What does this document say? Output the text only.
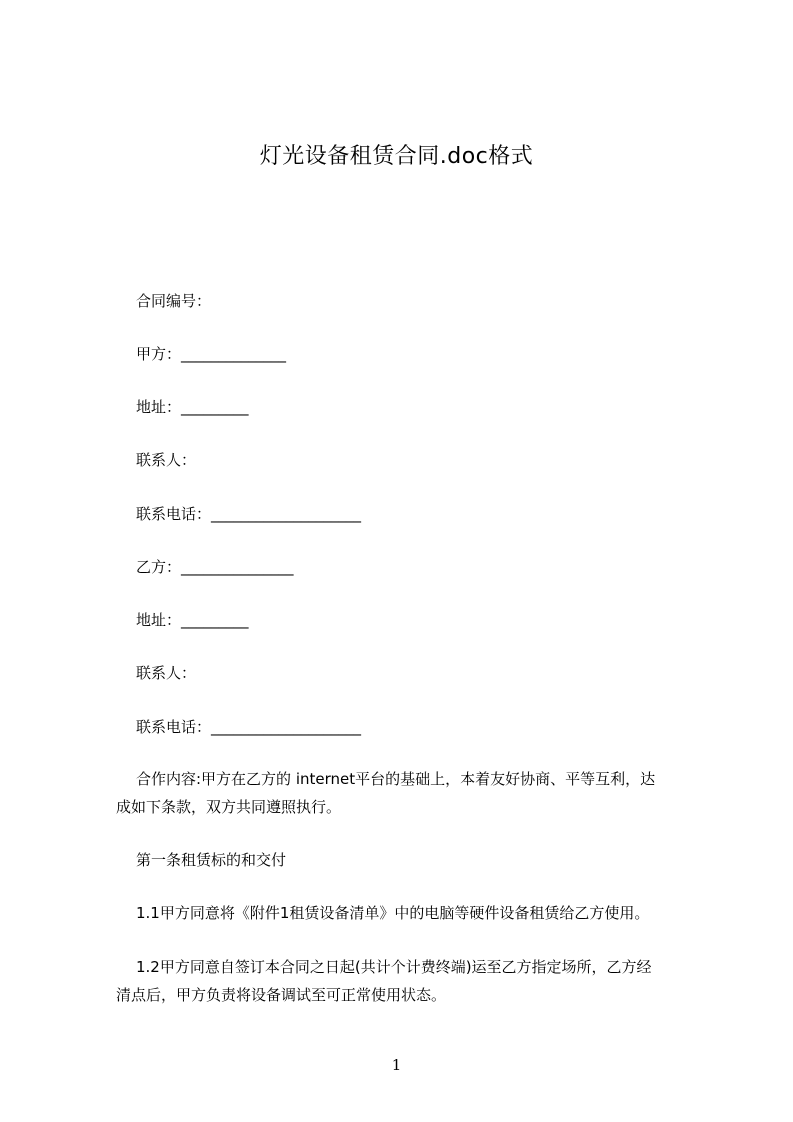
灯光设备租赁合同.doc格式
合同编号：
甲方：______________
地址：_________
联系人：
联系电话：____________________
乙方：_______________
地址：_________
联系人：
联系电话：____________________
合作内容:甲方在乙方的 internet平台的基础上，本着友好协商、平等互利，达
成如下条款，双方共同遵照执行。
第一条租赁标的和交付
1.1甲方同意将《附件1租赁设备清单》中的电脑等硬件设备租赁给乙方使用。
1.2甲方同意自签订本合同之日起(共计个计费终端)运至乙方指定场所，乙方经
清点后，甲方负责将设备调试至可正常使用状态。
1
